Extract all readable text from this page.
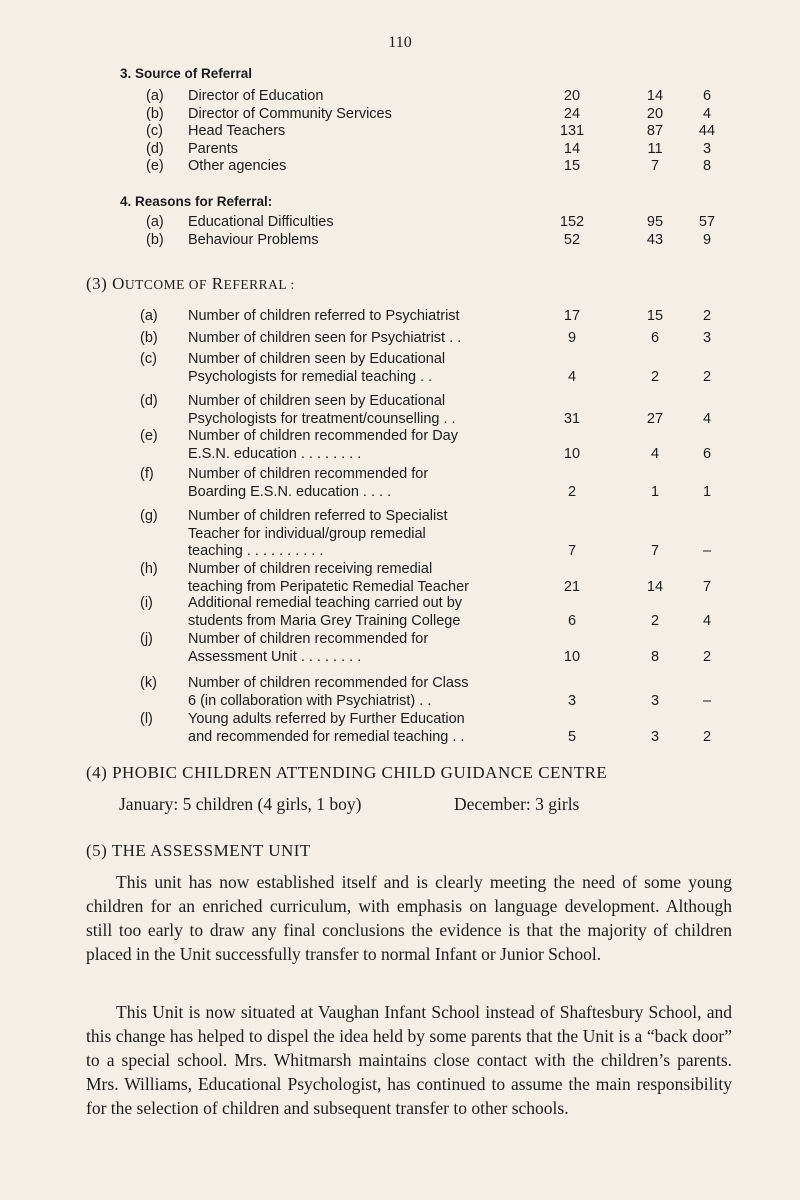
110
3. Source of Referral
(a) Director of Education	20	14	6
(b) Director of Community Services	24	20	4
(c) Head Teachers	131	87	44
(d) Parents	14	11	3
(e) Other agencies	15	7	8
4. Reasons for Referral:
(a) Educational Difficulties	152	95	57
(b) Behaviour Problems	52	43	9
(3) OUTCOME OF REFERRAL :
(a) Number of children referred to Psychiatrist	17	15	2
(b) Number of children seen for Psychiatrist . .	9	6	3
(c) Number of children seen by Educational
Psychologists for remedial teaching . .	4	2	2
(d) Number of children seen by Educational
Psychologists for treatment/counselling . .	31	27	4
(e) Number of children recommended for Day
E.S.N. education . . . . . . . .	10	4	6
(f) Number of children recommended for
Boarding E.S.N. education . . . .	2	1	1
(g) Number of children referred to Specialist
Teacher for individual/group remedial
teaching . . . . . . . . . .	7	7	–
(h) Number of children receiving remedial
teaching from Peripatetic Remedial Teacher	21	14	7
(i) Additional remedial teaching carried out by
students from Maria Grey Training College	6	2	4
(j) Number of children recommended for
Assessment Unit . . . . . . . .	10	8	2
(k) Number of children recommended for Class
6 (in collaboration with Psychiatrist) . .	3	3	–
(l) Young adults referred by Further Education
and recommended for remedial teaching . .	5	3	2
(4) PHOBIC CHILDREN ATTENDING CHILD GUIDANCE CENTRE
January: 5 children (4 girls, 1 boy)	December: 3 girls
(5) THE ASSESSMENT UNIT
This unit has now established itself and is clearly meeting the need of some young children for an enriched curriculum, with emphasis on language development. Although still too early to draw any final conclusions the evidence is that the majority of children placed in the Unit successfully transfer to normal Infant or Junior School.
This Unit is now situated at Vaughan Infant School instead of Shaftesbury School, and this change has helped to dispel the idea held by some parents that the Unit is a “back door” to a special school. Mrs. Whitmarsh maintains close contact with the children’s parents. Mrs. Williams, Educational Psychologist, has continued to assume the main responsibility for the selection of children and subsequent transfer to other schools.
